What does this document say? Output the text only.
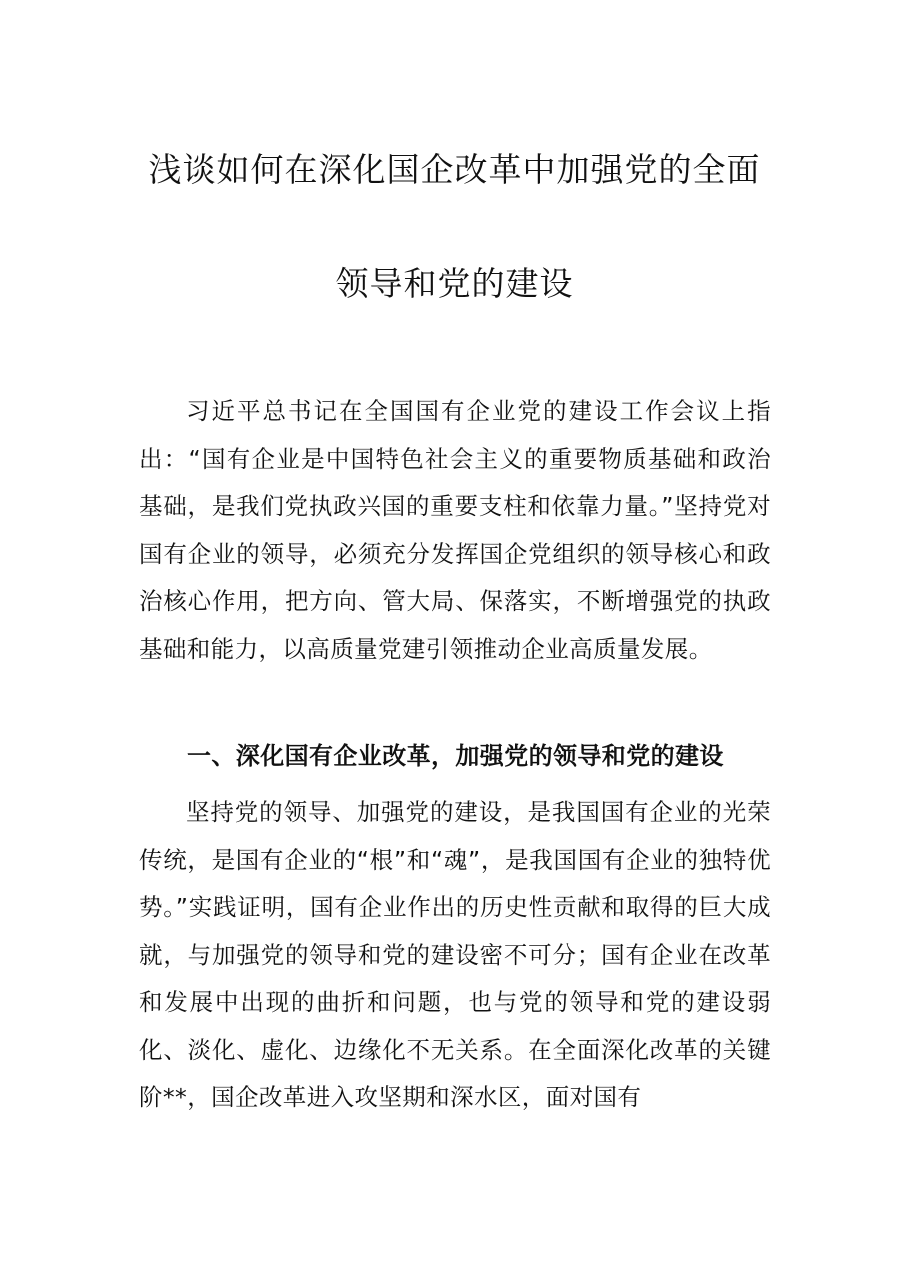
浅谈如何在深化国企改革中加强党的全面
领导和党的建设

习近平总书记在全国国有企业党的建设工作会议上指出：“国有企业是中国特色社会主义的重要物质基础和政治基础，是我们党执政兴国的重要支柱和依靠力量。”坚持党对国有企业的领导，必须充分发挥国企党组织的领导核心和政治核心作用，把方向、管大局、保落实，不断增强党的执政基础和能力，以高质量党建引领推动企业高质量发展。

一、深化国有企业改革，加强党的领导和党的建设

坚持党的领导、加强党的建设，是我国国有企业的光荣传统，是国有企业的“根”和“魂”，是我国国有企业的独特优势。”实践证明，国有企业作出的历史性贡献和取得的巨大成就，与加强党的领导和党的建设密不可分；国有企业在改革和发展中出现的曲折和问题，也与党的领导和党的建设弱化、淡化、虚化、边缘化不无关系。在全面深化改革的关键阶**，国企改革进入攻坚期和深水区，面对国有
